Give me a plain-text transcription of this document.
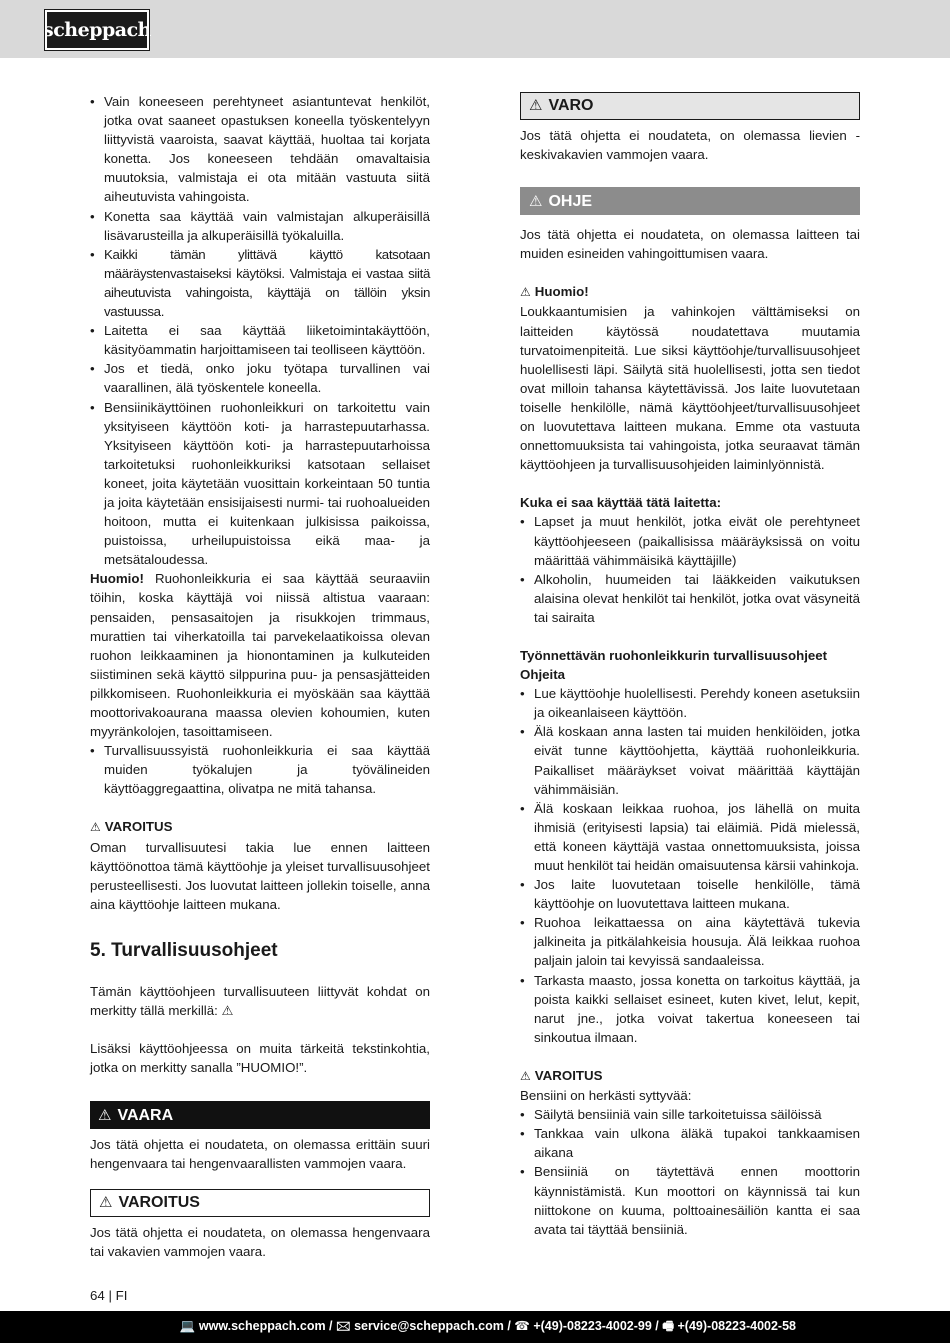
scheppach
• Vain koneeseen perehtyneet asiantuntevat henkilöt, jotka ovat saaneet opastuksen koneella työskentelyyn liittyvistä vaaroista, saavat käyttää, huoltaa tai korjata konetta. Jos koneeseen tehdään omavaltaisia muutoksia, valmistaja ei ota mitään vastuuta siitä aiheutuvista vahingoista.
• Konetta saa käyttää vain valmistajan alkuperäisillä lisävarusteilla ja alkuperäisillä työkaluilla.
• Kaikki tämän ylittävä käyttö katsotaan määräystenvastaiseksi käytöksi. Valmistaja ei vastaa siitä aiheutuvista vahingoista, käyttäjä on tällöin yksin vastuussa.
• Laitetta ei saa käyttää liiketoimintakäyttöön, käsityöammatin harjoittamiseen tai teolliseen käyttöön.
• Jos et tiedä, onko joku työtapa turvallinen vai vaarallinen, älä työskentele koneella.
• Bensiinikäyttöinen ruohonleikkuri on tarkoitettu vain yksityiseen käyttöön koti- ja harrastepuutarhassa. Yksityiseen käyttöön koti- ja harrastepuutarhoissa tarkoitetuksi ruohonleikkuriksi katsotaan sellaiset koneet, joita käytetään vuosittain korkeintaan 50 tuntia ja joita käytetään ensisijaisesti nurmi- tai ruohoalueiden hoitoon, mutta ei kuitenkaan julkisissa paikoissa, puistoissa, urheilupuistoissa eikä maa- ja metsätaloudessa.

Huomio! Ruohonleikkuria ei saa käyttää seuraaviin töihin, koska käyttäjä voi niissä altistua vaaraan: pensaiden, pensasaitojen ja risukkojen trimmaus, murattien tai viherkatoilla tai parvekelaatikoissa olevan ruohon leikkaaminen ja hionontaminen ja kulkuteiden siistiminen sekä käyttö silppurina puu- ja pensasjätteiden pilkkomiseen. Ruohonleikkuria ei myöskään saa käyttää moottorivakoaurana maassa olevien kohoumien, kuten myyränkolojen, tasoittamiseen.

• Turvallisuussyistä ruohonleikkuria ei saa käyttää muiden työkalujen ja työvälineiden käyttöaggregaattina, olivatpa ne mitä tahansa.

⚠ VAROITUS

Oman turvallisuutesi takia lue ennen laitteen käyttöönottoa tämä käyttöohje ja yleiset turvallisuusohjeet perusteellisesti. Jos luovutat laitteen jollekin toiselle, anna aina käyttöohje laitteen mukana.

5. Turvallisuusohjeet

Tämän käyttöohjeen turvallisuuteen liittyvät kohdat on merkitty tällä merkillä: ⚠

Lisäksi käyttöohjeessa on muita tärkeitä tekstinkohtia, jotka on merkitty sanalla ”HUOMIO!”.

⚠ VAARA

Jos tätä ohjetta ei noudateta, on olemassa erittäin suuri hengenvaara tai hengenvaarallisten vammojen vaara.

⚠ VAROITUS

Jos tätä ohjetta ei noudateta, on olemassa hengenvaara tai vakavien vammojen vaara.

⚠ VARO

Jos tätä ohjetta ei noudateta, on olemassa lievien - keskivakavien vammojen vaara.

⚠ OHJE

Jos tätä ohjetta ei noudateta, on olemassa laitteen tai muiden esineiden vahingoittumisen vaara.

⚠ Huomio!

Loukkaantumisien ja vahinkojen välttämiseksi on laitteiden käytössä noudatettava muutamia turvatoimenpiteitä. Lue siksi käyttöohje/turvallisuusohjeet huolellisesti läpi. Säilytä sitä huolellisesti, jotta sen tiedot ovat milloin tahansa käytettävissä. Jos laite luovutetaan toiselle henkilölle, nämä käyttöohjeet/turvallisuusohjeet on luovutettava laitteen mukana. Emme ota vastuuta onnettomuuksista tai vahingoista, jotka seuraavat tämän käyttöohjeen ja turvallisuusohjeiden laiminlyönnistä.

Kuka ei saa käyttää tätä laitetta:

• Lapset ja muut henkilöt, jotka eivät ole perehtyneet käyttöohjeeseen (paikallisissa määräyksissä on voitu määrittää vähimmäisikä käyttäjille)
• Alkoholin, huumeiden tai lääkkeiden vaikutuksen alaisina olevat henkilöt tai henkilöt, jotka ovat väsyneitä tai sairaita

Työnnettävän ruohonleikkurin turvallisuusohjeet

Ohjeita

• Lue käyttöohje huolellisesti. Perehdy koneen asetuksiin ja oikeanlaiseen käyttöön.
• Älä koskaan anna lasten tai muiden henkilöiden, jotka eivät tunne käyttöohjetta, käyttää ruohonleikkuria. Paikalliset määräykset voivat määrittää käyttäjän vähimmäisiän.
• Älä koskaan leikkaa ruohoa, jos lähellä on muita ihmisiä (erityisesti lapsia) tai eläimiä. Pidä mielessä, että koneen käyttäjä vastaa onnettomuuksista, joissa muut henkilöt tai heidän omaisuutensa kärsii vahinkoja.
• Jos laite luovutetaan toiselle henkilölle, tämä käyttöohje on luovutettava laitteen mukana.
• Ruohoa leikattaessa on aina käytettävä tukevia jalkineita ja pitkälahkeisia housuja. Älä leikkaa ruohoa paljain jaloin tai kevyissä sandaaleissa.
• Tarkasta maasto, jossa konetta on tarkoitus käyttää, ja poista kaikki sellaiset esineet, kuten kivet, lelut, kepit, narut jne., jotka voivat takertua koneeseen tai sinkoutua ilmaan.

⚠ VAROITUS

Bensiini on herkästi syttyvää:

• Säilytä bensiiniä vain sille tarkoitetuissa säilöissä
• Tankkaa vain ulkona äläkä tupakoi tankkaamisen aikana
• Bensiiniä on täytettävä ennen moottorin käynnistämistä. Kun moottori on käynnissä tai kun niittokone on kuuma, polttoainesäiliön kantta ei saa avata tai täyttää bensiiniä.
64 | FI
💻 www.scheppach.com / 🖂 service@scheppach.com / ☎ +(49)-08223-4002-99 / 🖷 +(49)-08223-4002-58
